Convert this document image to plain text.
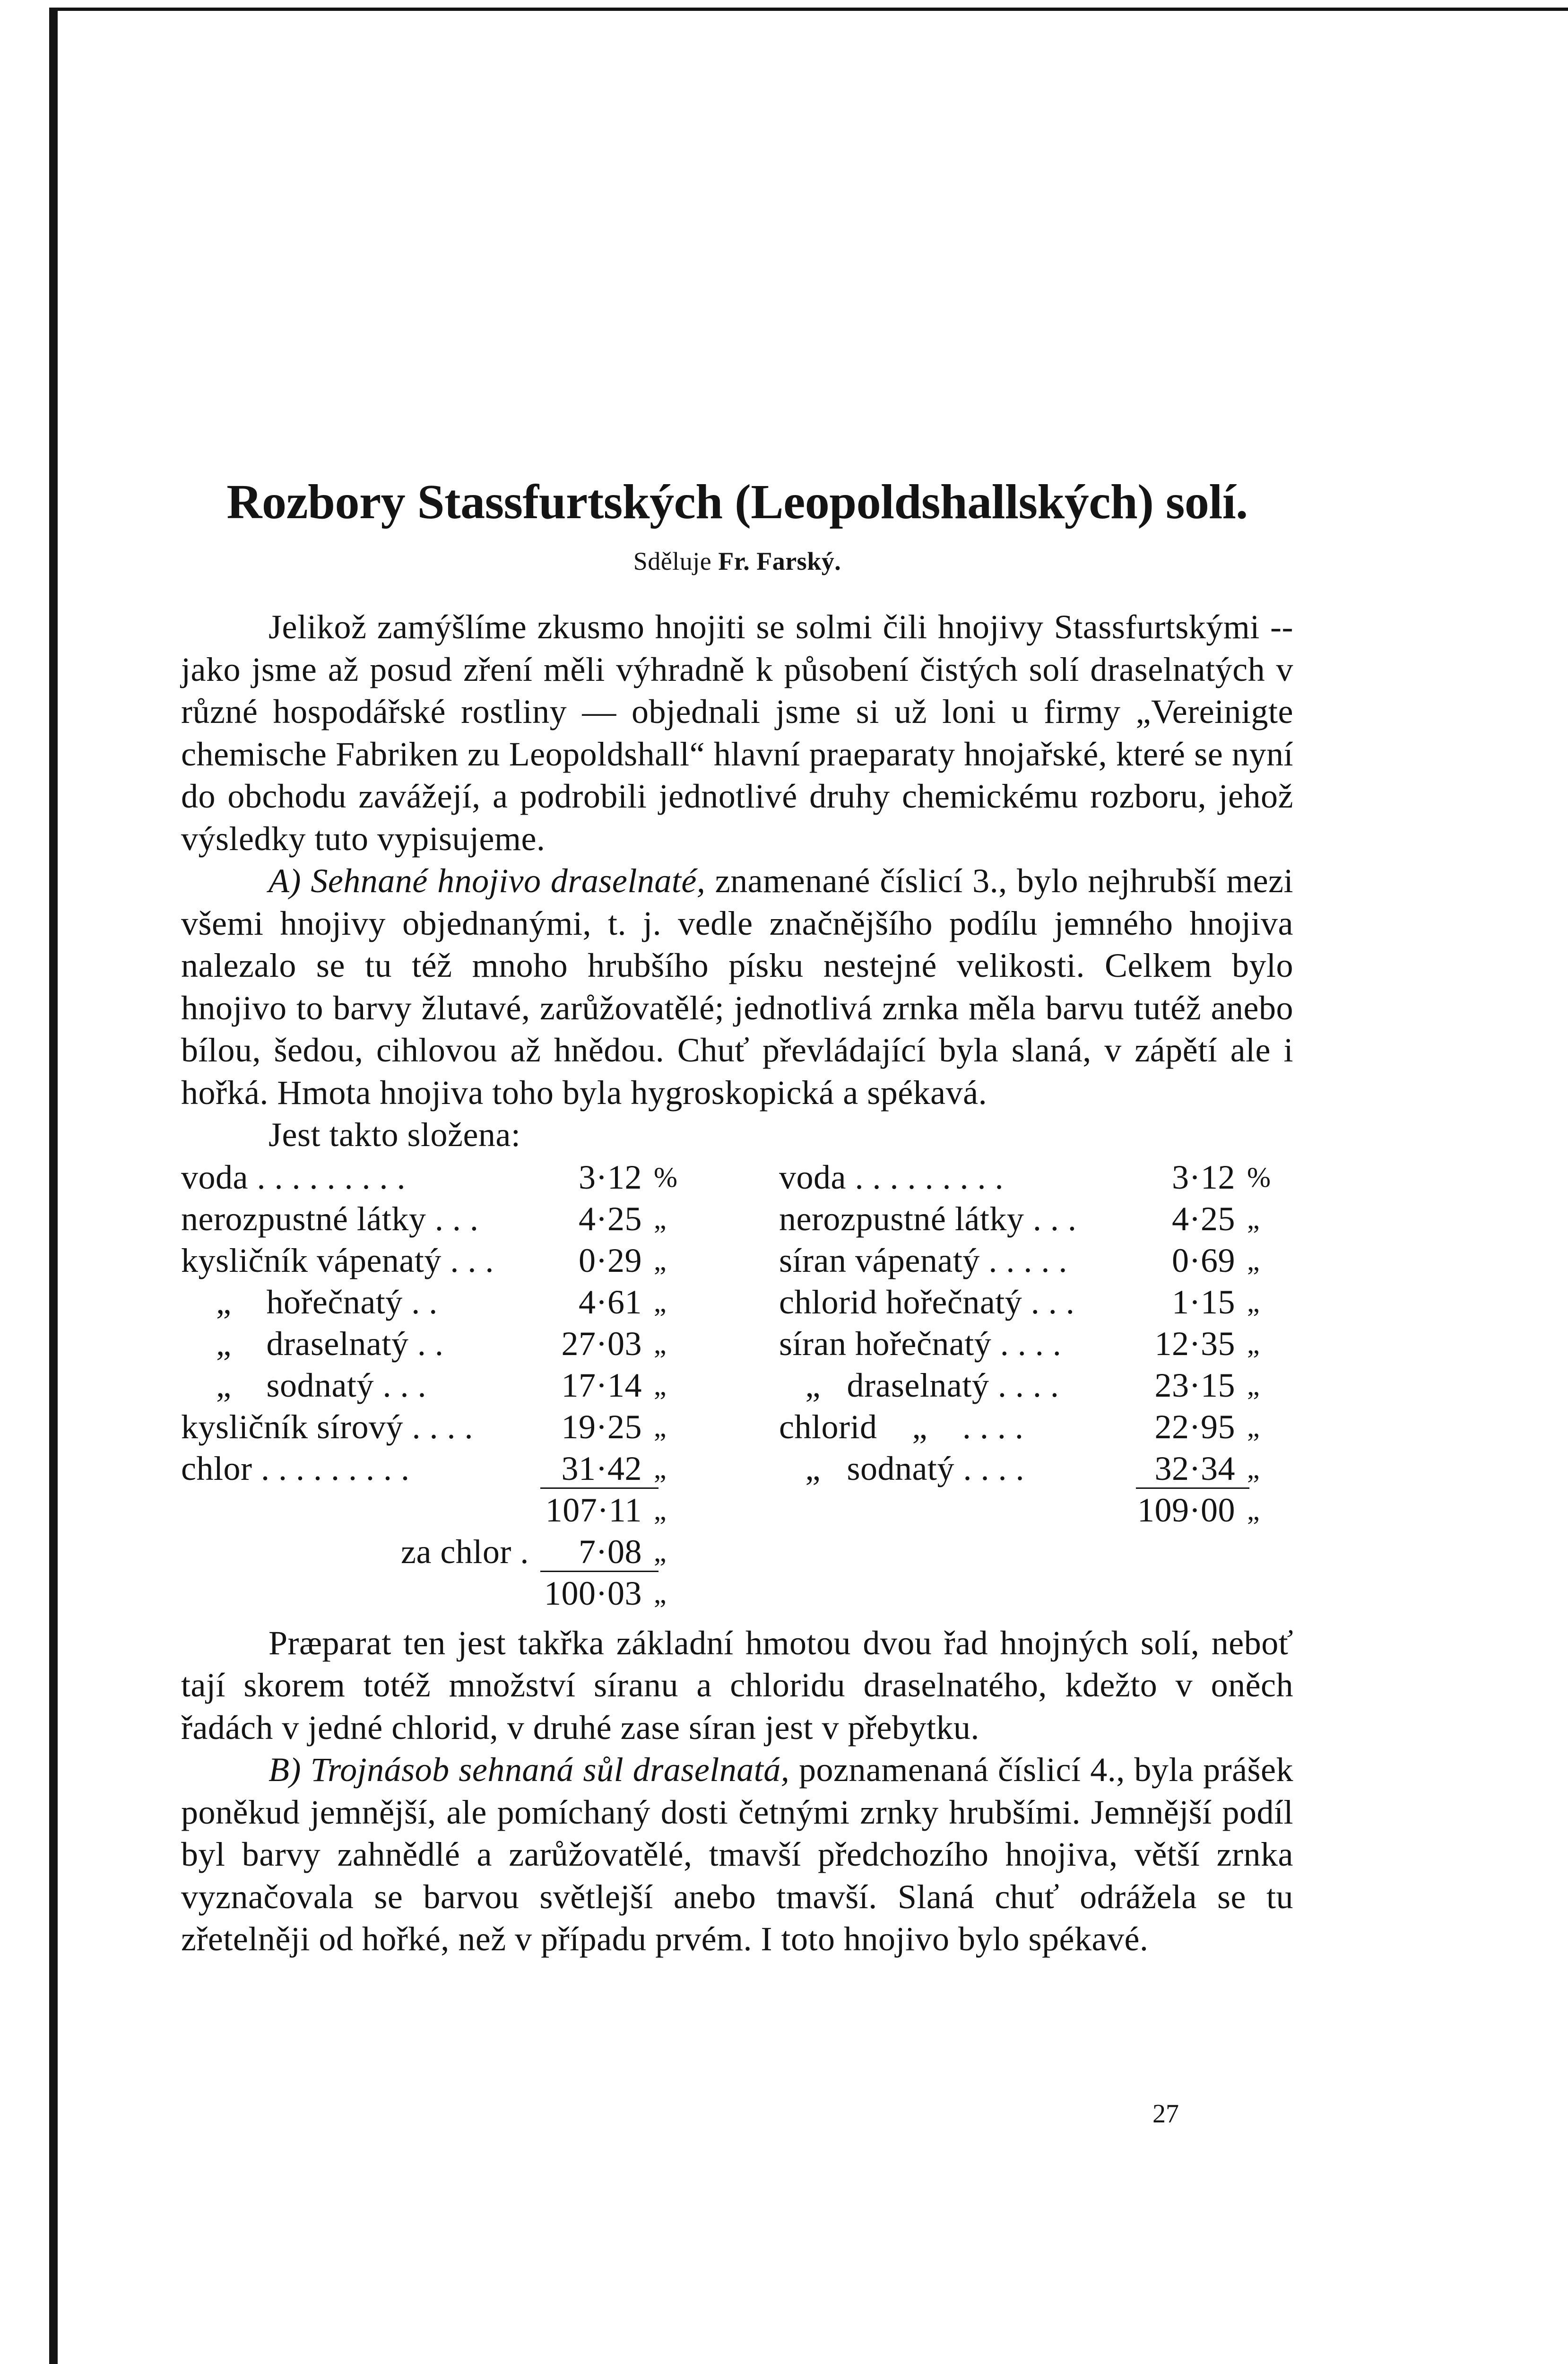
Rozbory Stassfurtských (Leopoldshallských) solí.
Sděluje Fr. Farský.

Jelikož zamýšlíme zkusmo hnojiti se solmi čili hnojivy Stassfurtskými -- jako jsme až posud zření měli výhradně k působení čistých solí draselnatých v různé hospodářské rostliny — objednali jsme si už loni u firmy „Vereinigte chemische Fabriken zu Leopoldshall“ hlavní praeparaty hnojařské, které se nyní do obchodu zavážejí, a podrobili jednotlivé druhy chemickému rozboru, jehož výsledky tuto vypisujeme.

A) Sehnané hnojivo draselnaté, znamenané číslicí 3., bylo nejhrubší mezi všemi hnojivy objednanými, t. j. vedle značnějšího podílu jemného hnojiva nalezalo se tu též mnoho hrubšího písku nestejné velikosti. Celkem bylo hnojivo to barvy žlutavé, zarůžovatělé; jednotlivá zrnka měla barvu tutéž anebo bílou, šedou, cihlovou až hnědou. Chuť převládající byla slaná, v zápětí ale i hořká. Hmota hnojiva toho byla hygroskopická a spékavá.

Jest takto složena:

voda . . . . . . . . .	3·12 %
nerozpustné látky . . .	4·25 „
kysličník vápenatý . . . 0·29 „
„    hořečnatý . .	4·61 „
„    draselnatý . .	27·03 „
„    sodnatý . . .	17·14 „
kysličník sírový . . . .	19·25 „
chlor . . . . . . . . .	31·42 „
107·11 „
za chlor . 7·08 „
100·03 „
voda . . . . . . . . .	3·12 %
nerozpustné látky . . .	4·25 „
síran vápenatý . . . . .	0·69 „
chlorid hořečnatý . . .	1·15 „
síran hořečnatý . . . .	12·35 „
„   draselnatý . . . .	23·15 „
chlorid    „    . . . .	22·95 „
„   sodnatý . . . .	32·34 „
109·00 „

Præparat ten jest takřka základní hmotou dvou řad hnojných solí, neboť tají skorem totéž množství síranu a chloridu draselnatého, kdežto v oněch řadách v jedné chlorid, v druhé zase síran jest v přebytku.

B) Trojnásob sehnaná sůl draselnatá, poznamenaná číslicí 4., byla prášek poněkud jemnější, ale pomíchaný dosti četnými zrnky hrubšími. Jemnější podíl byl barvy zahnědlé a zarůžovatělé, tmavší předchozího hnojiva, větší zrnka vyznačovala se barvou světlejší anebo tmavší. Slaná chuť odrážela se tu zřetelněji od hořké, než v případu prvém. I toto hnojivo bylo spékavé.

27
